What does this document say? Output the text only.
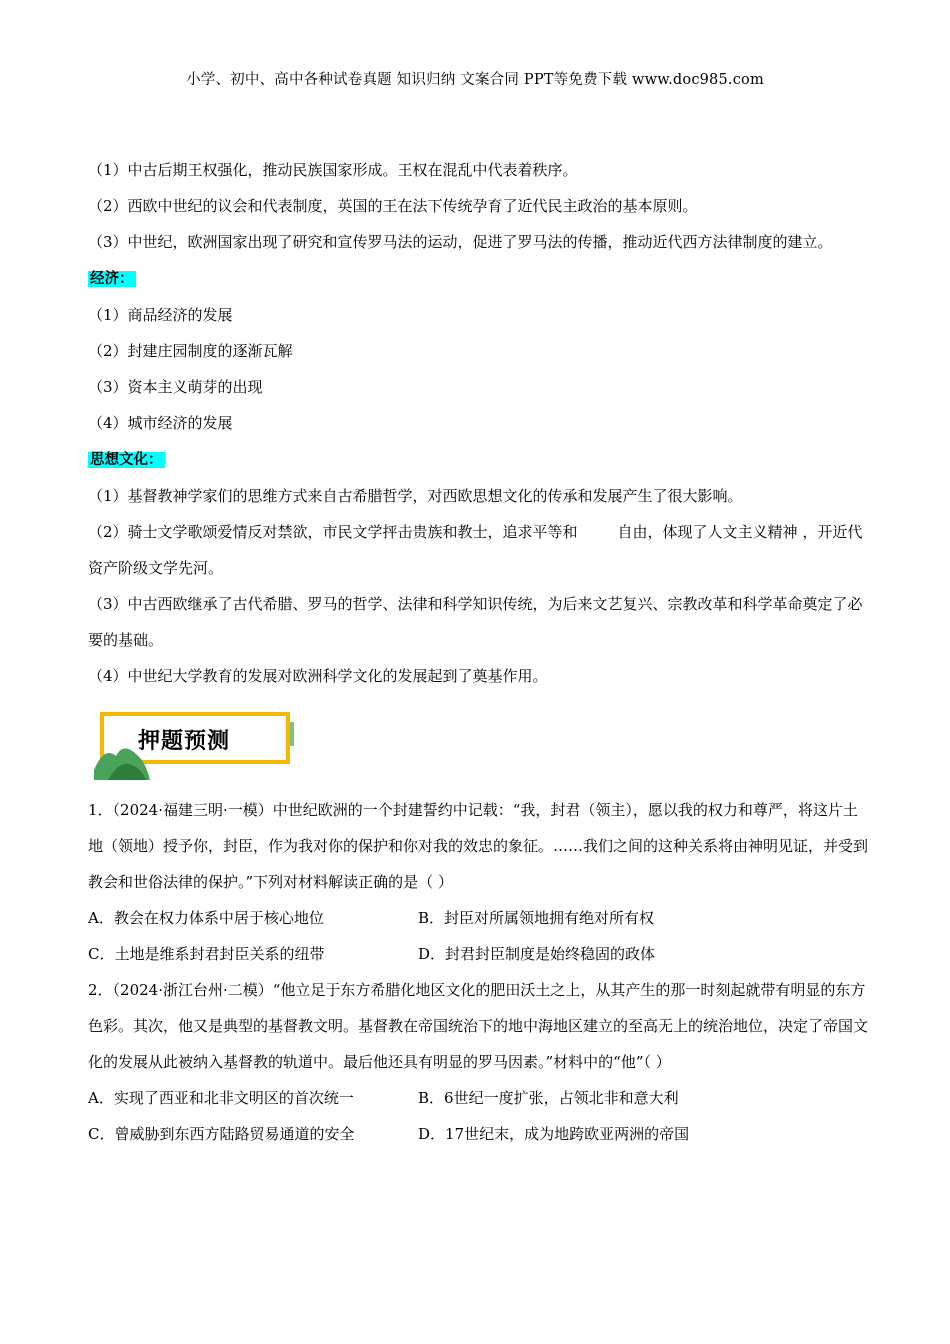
小学、初中、高中各种试卷真题 知识归纳 文案合同 PPT等免费下载 www.doc985.com
（1）中古后期王权强化，推动民族国家形成。王权在混乱中代表着秩序。
（2）西欧中世纪的议会和代表制度，英国的王在法下传统孕育了近代民主政治的基本原则。
（3）中世纪，欧洲国家出现了研究和宣传罗马法的运动，促进了罗马法的传播，推动近代西方法律制度的建立。
经济：
（1）商品经济的发展
（2）封建庄园制度的逐渐瓦解
（3）资本主义萌芽的出现
（4）城市经济的发展
思想文化：
（1）基督教神学家们的思维方式来自古希腊哲学，对西欧思想文化的传承和发展产生了很大影响。
（2）骑士文学歌颂爱情反对禁欲，市民文学抨击贵族和教士，追求平等和	自由，体现了人文主义精神 ，开近代资产阶级文学先河。
（3）中古西欧继承了古代希腊、罗马的哲学、法律和科学知识传统，为后来文艺复兴、宗教改革和科学革命奠定了必要的基础。
（4）中世纪大学教育的发展对欧洲科学文化的发展起到了奠基作用。
押题预测
1．（2024·福建三明·一模）中世纪欧洲的一个封建誓约中记载：“我，封君（领主），愿以我的权力和尊严，将这片土地（领地）授予你，封臣，作为我对你的保护和你对我的效忠的象征。……我们之间的这种关系将由神明见证，并受到教会和世俗法律的保护。”下列对材料解读正确的是（ ）
A．教会在权力体系中居于核心地位	B．封臣对所属领地拥有绝对所有权
C．土地是维系封君封臣关系的纽带	D．封君封臣制度是始终稳固的政体
2．（2024·浙江台州·二模）“他立足于东方希腊化地区文化的肥田沃土之上，从其产生的那一时刻起就带有明显的东方色彩。其次，他又是典型的基督教文明。基督教在帝国统治下的地中海地区建立的至高无上的统治地位，决定了帝国文化的发展从此被纳入基督教的轨道中。最后他还具有明显的罗马因素。”材料中的“他”（ ）
A．实现了西亚和北非文明区的首次统一	B．6世纪一度扩张，占领北非和意大利
C．曾威胁到东西方陆路贸易通道的安全	D．17世纪末，成为地跨欧亚两洲的帝国
